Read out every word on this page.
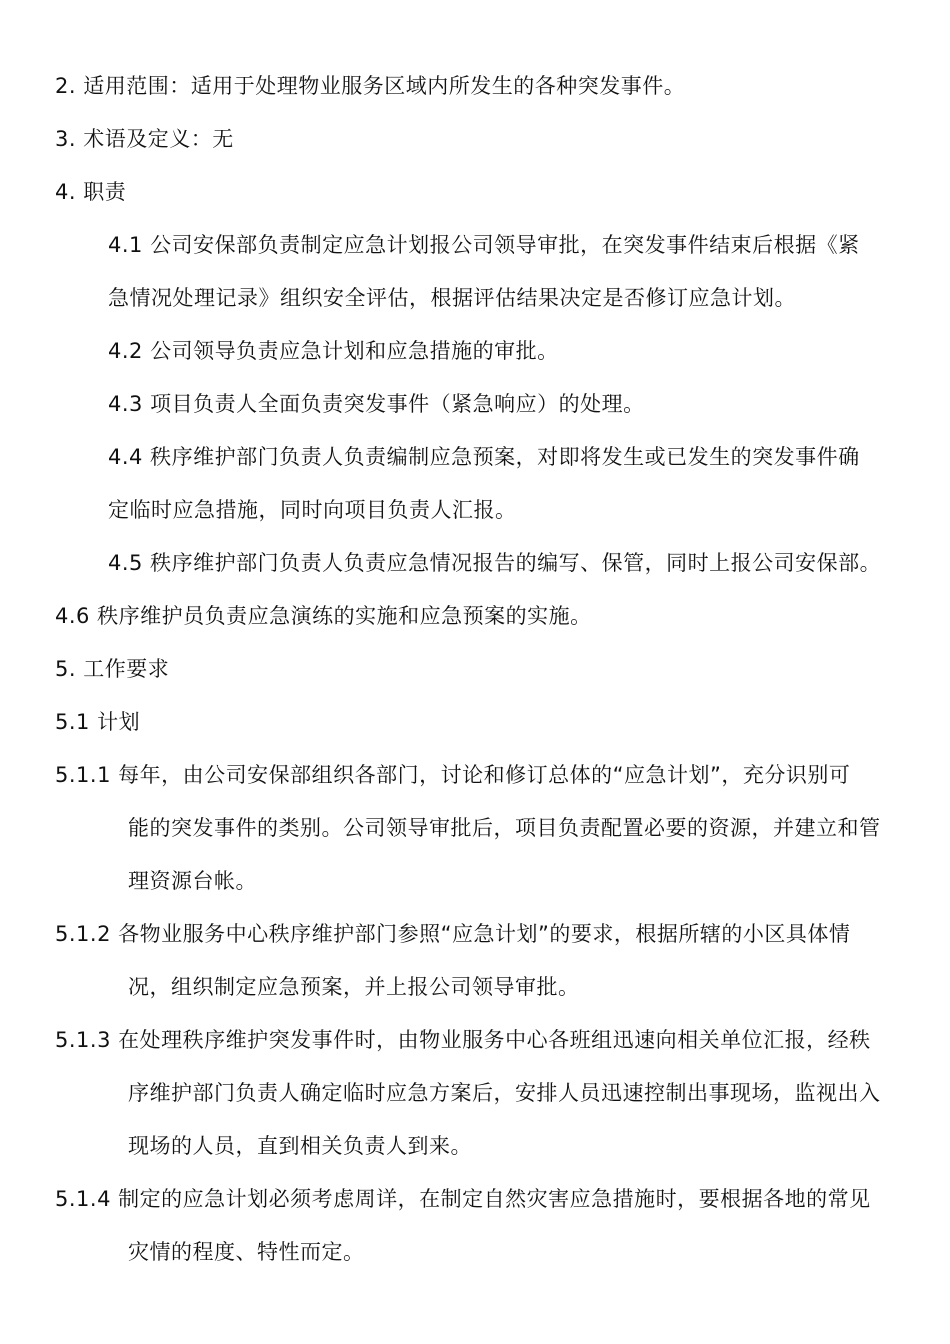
2. 适用范围：适用于处理物业服务区域内所发生的各种突发事件。
3. 术语及定义：无
4. 职责
4.1 公司安保部负责制定应急计划报公司领导审批，在突发事件结束后根据《紧
急情况处理记录》组织安全评估，根据评估结果决定是否修订应急计划。
4.2 公司领导负责应急计划和应急措施的审批。
4.3 项目负责人全面负责突发事件（紧急响应）的处理。
4.4 秩序维护部门负责人负责编制应急预案，对即将发生或已发生的突发事件确
定临时应急措施，同时向项目负责人汇报。
4.5 秩序维护部门负责人负责应急情况报告的编写、保管，同时上报公司安保部。
4.6 秩序维护员负责应急演练的实施和应急预案的实施。
5. 工作要求
5.1 计划
5.1.1 每年，由公司安保部组织各部门，讨论和修订总体的“应急计划”，充分识别可
能的突发事件的类别。公司领导审批后，项目负责配置必要的资源，并建立和管
理资源台帐。
5.1.2 各物业服务中心秩序维护部门参照“应急计划”的要求，根据所辖的小区具体情
况，组织制定应急预案，并上报公司领导审批。
5.1.3 在处理秩序维护突发事件时，由物业服务中心各班组迅速向相关单位汇报，经秩
序维护部门负责人确定临时应急方案后，安排人员迅速控制出事现场，监视出入
现场的人员，直到相关负责人到来。
5.1.4 制定的应急计划必须考虑周详，在制定自然灾害应急措施时，要根据各地的常见
灾情的程度、特性而定。
